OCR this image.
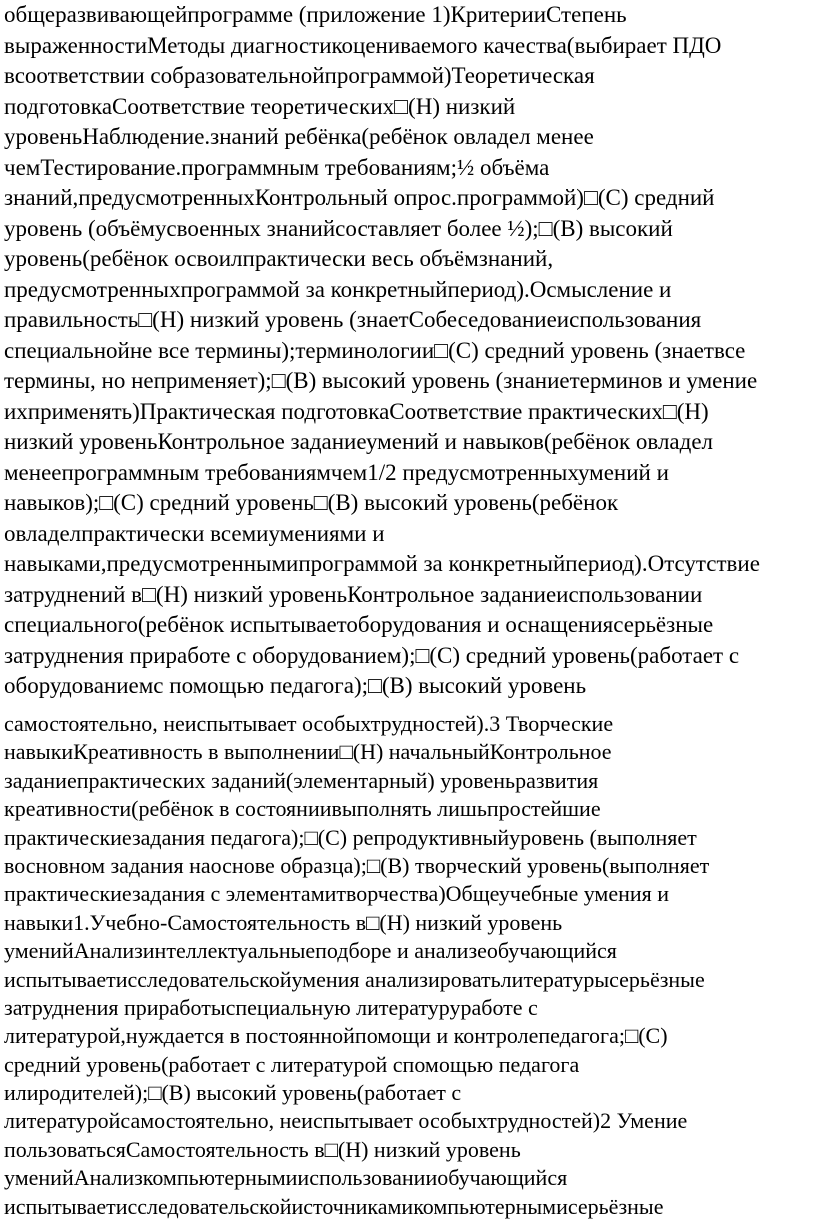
общеразвивающейпрограмме (приложение 1)КритерииСтепень
выраженностиМетоды диагностикоцениваемого качества(выбирает ПДО
всоответствии собразовательнойпрограммой)Теоретическая
подготовкаСоответствие теоретических□(Н) низкий
уровеньНаблюдение.знаний ребёнка(ребёнок овладел менее
чемТестирование.программным требованиям;½ объёма
знаний,предусмотренныхКонтрольный опрос.программой)□(С) средний
уровень (объёмусвоенных знанийсоставляет более ½);□(В) высокий
уровень(ребёнок освоилпрактически весь объёмзнаний,
предусмотренныхпрограммой за конкретныйпериод).Осмысление и
правильность□(Н) низкий уровень (знаетСобеседованиеиспользования
специальнойне все термины);терминологии□(С) средний уровень (знаетвсе
термины, но неприменяет);□(В) высокий уровень (знаниетерминов и умение
ихприменять)Практическая подготовкаСоответствие практических□(Н)
низкий уровеньКонтрольное заданиеумений и навыков(ребёнок овладел
менеепрограммным требованиямчем1/2 предусмотренныхумений и
навыков);□(С) средний уровень□(В) высокий уровень(ребёнок
овладелпрактически всемиумениями и
навыками,предусмотреннымипрограммой за конкретныйпериод).Отсутствие
затруднений в□(Н) низкий уровеньКонтрольное заданиеиспользовании
специального(ребёнок испытываетоборудования и оснащениясерьёзные
затруднения приработе с оборудованием);□(С) средний уровень(работает с
оборудованиемс помощью педагога);□(В) высокий уровень
самостоятельно, неиспытывает особыхтрудностей).3 Творческие
навыкиКреативность в выполнении□(Н) начальныйКонтрольное
заданиепрактических заданий(элементарный) уровеньразвития
креативности(ребёнок в состояниивыполнять лишьпростейшие
практическиезадания педагога);□(С) репродуктивныйуровень (выполняет
восновном задания наоснове образца);□(В) творческий уровень(выполняет
практическиезадания с элементамитворчества)Общеучебные умения и
навыки1.Учебно-Самостоятельность в□(Н) низкий уровень
уменийАнализинтеллектуальныеподборе и анализеобучающийся
испытываетисследовательскойумения анализироватьлитературысерьёзные
затруднения приработыспециальную литературуработе с
литературой,нуждается в постояннойпомощи и контролепедагога;□(С)
средний уровень(работает с литературой спомощью педагога
илиродителей);□(В) высокий уровень(работает с
литературойсамостоятельно, неиспытывает особыхтрудностей)2 Умение
пользоватьсяСамостоятельность в□(Н) низкий уровень
уменийАнализкомпьютернымииспользованииобучающийся
испытываетисследовательскойисточникамикомпьютернымисерьёзные
